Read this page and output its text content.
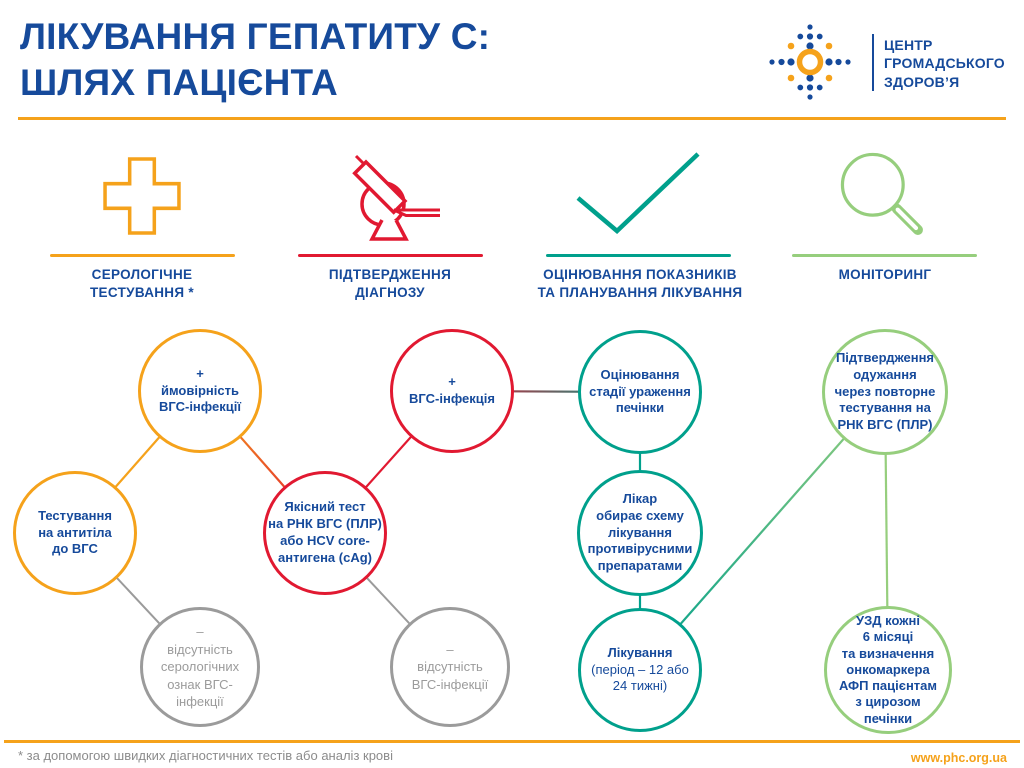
ЛІКУВАННЯ ГЕПАТИТУ С:
ШЛЯХ ПАЦІЄНТА
ЦЕНТР
ГРОМАДСЬКОГО
ЗДОРОВ’Я
СЕРОЛОГІЧНЕ
ТЕСТУВАННЯ *
ПІДТВЕРДЖЕННЯ
ДІАГНОЗУ
ОЦІНЮВАННЯ ПОКАЗНИКІВ
ТА ПЛАНУВАННЯ ЛІКУВАННЯ
МОНІТОРИНГ
+
ймовірність
ВГС-інфекції
Тестування
на антитіла
до ВГС
–
відсутність
серологічних
ознак ВГС-
інфекції
+
ВГС-інфекція
Якісний тест
на РНК ВГС (ПЛР)
або HCV core-
антигена (cAg)
–
відсутність
ВГС-інфекції
Оцінювання
стадії ураження
печінки
Лікар
обирає схему
лікування
противірусними
препаратами
Лікування
(період – 12 або
24 тижні)
Підтвердження
одужання
через повторне
тестування на
РНК ВГС (ПЛР)
УЗД кожні
6 місяці
та визначення
онкомаркера
АФП пацієнтам
з цирозом
печінки
* за допомогою швидких діагностичних тестів або аналіз крові	www.phc.org.ua
